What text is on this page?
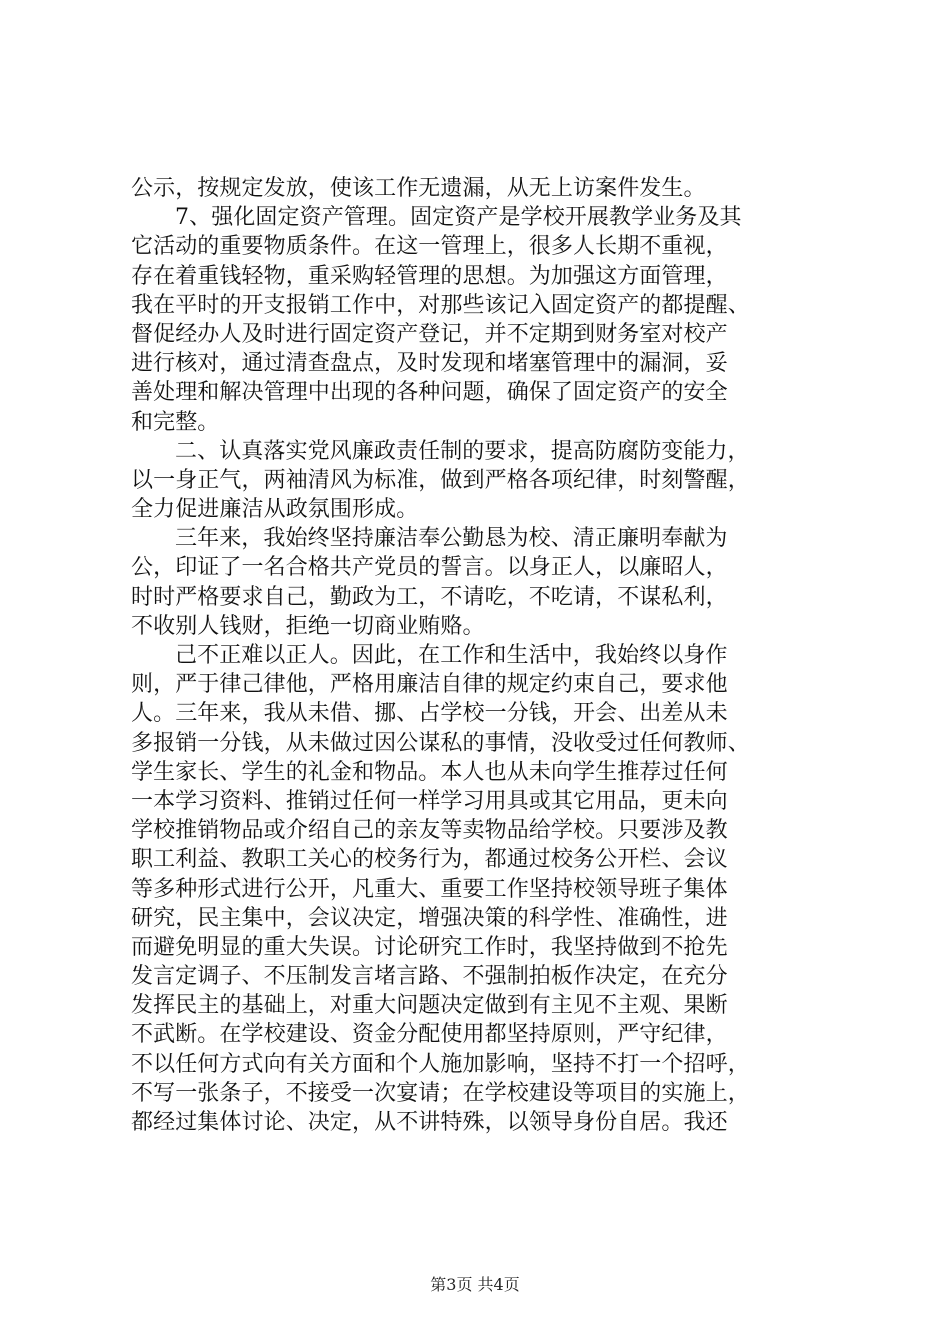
公示，按规定发放，使该工作无遗漏，从无上访案件发生。
7、强化固定资产管理。固定资产是学校开展教学业务及其
它活动的重要物质条件。在这一管理上，很多人长期不重视，
存在着重钱轻物，重采购轻管理的思想。为加强这方面管理，
我在平时的开支报销工作中，对那些该记入固定资产的都提醒、
督促经办人及时进行固定资产登记，并不定期到财务室对校产
进行核对，通过清查盘点，及时发现和堵塞管理中的漏洞，妥
善处理和解决管理中出现的各种问题，确保了固定资产的安全
和完整。
二、认真落实党风廉政责任制的要求，提高防腐防变能力，
以一身正气，两袖清风为标准，做到严格各项纪律，时刻警醒，
全力促进廉洁从政氛围形成。
三年来，我始终坚持廉洁奉公勤恳为校、清正廉明奉献为
公，印证了一名合格共产党员的誓言。以身正人，以廉昭人，
时时严格要求自己，勤政为工，不请吃，不吃请，不谋私利，
不收别人钱财，拒绝一切商业贿赂。
己不正难以正人。因此，在工作和生活中，我始终以身作
则，严于律己律他，严格用廉洁自律的规定约束自己，要求他
人。三年来，我从未借、挪、占学校一分钱，开会、出差从未
多报销一分钱，从未做过因公谋私的事情，没收受过任何教师、
学生家长、学生的礼金和物品。本人也从未向学生推荐过任何
一本学习资料、推销过任何一样学习用具或其它用品，更未向
学校推销物品或介绍自己的亲友等卖物品给学校。只要涉及教
职工利益、教职工关心的校务行为，都通过校务公开栏、会议
等多种形式进行公开，凡重大、重要工作坚持校领导班子集体
研究，民主集中，会议决定，增强决策的科学性、准确性，进
而避免明显的重大失误。讨论研究工作时，我坚持做到不抢先
发言定调子、不压制发言堵言路、不强制拍板作决定，在充分
发挥民主的基础上，对重大问题决定做到有主见不主观、果断
不武断。在学校建设、资金分配使用都坚持原则，严守纪律，
不以任何方式向有关方面和个人施加影响，坚持不打一个招呼，
不写一张条子，不接受一次宴请；在学校建设等项目的实施上，
都经过集体讨论、决定，从不讲特殊，以领导身份自居。我还
第3页 共4页
